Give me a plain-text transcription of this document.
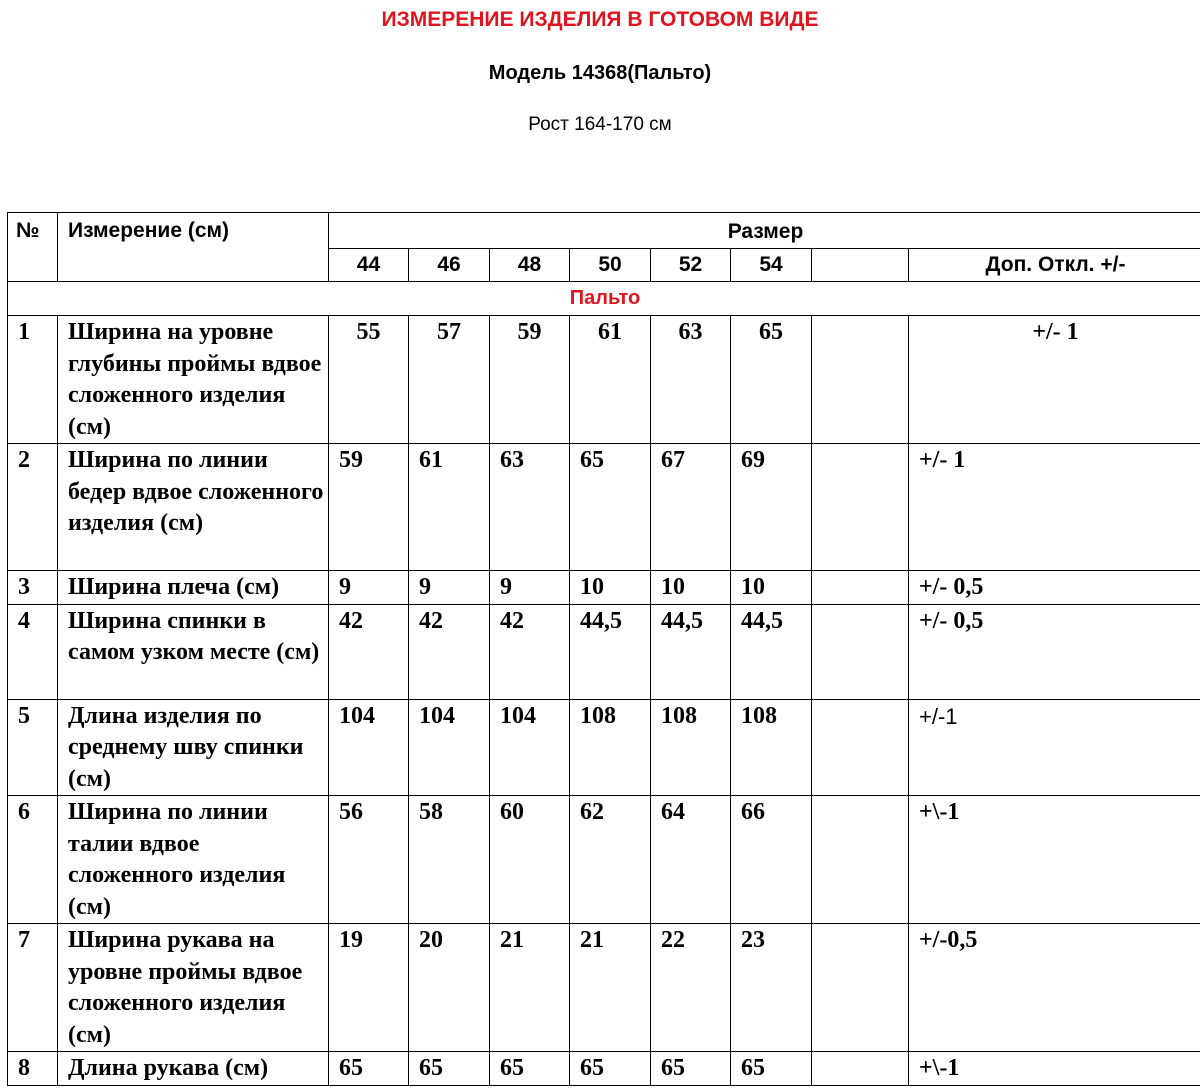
ИЗМЕРЕНИЕ ИЗДЕЛИЯ В ГОТОВОМ ВИДЕ
Модель 14368(Пальто)
Рост 164-170 см
№	Измерение (см)	Размер							
		44	46	48	50	52	54		Доп. Откл. +/-
Пальто									
1	Ширина на уровне глубины проймы вдвое сложенного изделия (см)	55	57	59	61	63	65		+/- 1
2	Ширина по линии бедер вдвое сложенного изделия (см)	59	61	63	65	67	69		+/- 1
3	Ширина плеча (см)	9	9	9	10	10	10		+/- 0,5
4	Ширина спинки в самом узком месте (см)	42	42	42	44,5	44,5	44,5		+/- 0,5
5	Длина изделия по среднему шву спинки (см)	104	104	104	108	108	108		+/-1
6	Ширина по линии талии вдвое сложенного изделия (см)	56	58	60	62	64	66		+\-1
7	Ширина рукава на уровне проймы вдвое сложенного изделия (см)	19	20	21	21	22	23		+/-0,5
8	Длина рукава (см)	65	65	65	65	65	65		+\-1
